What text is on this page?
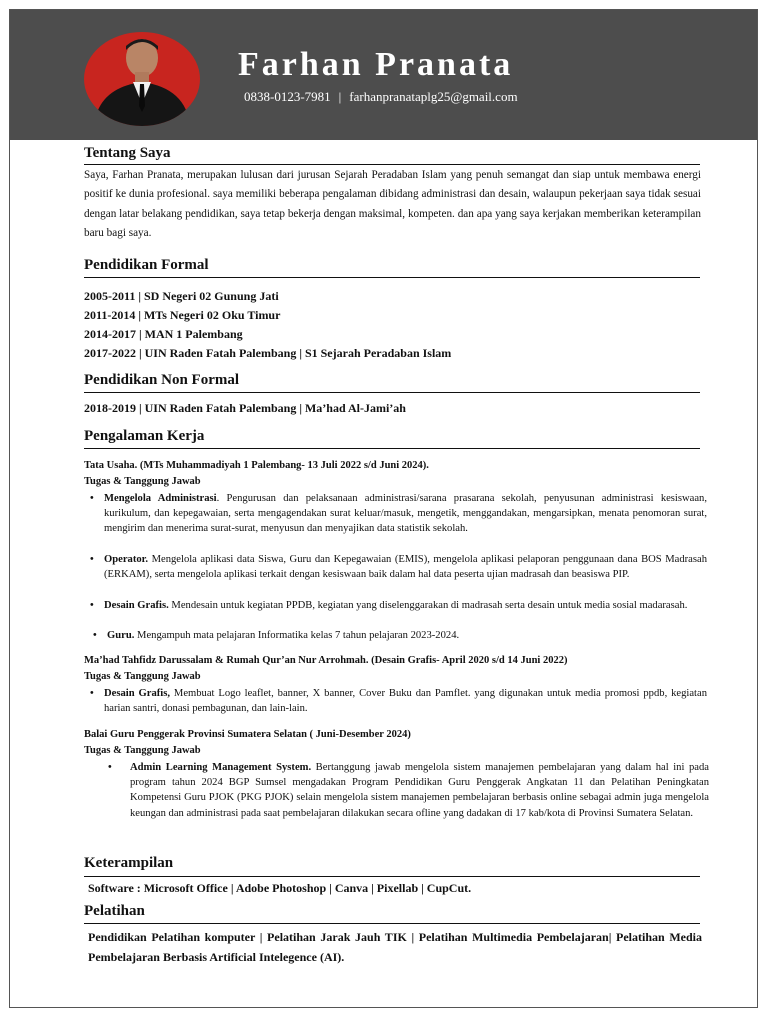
Farhan Pranata
0838-0123-7981 | farhanpranataplg25@gmail.com
Tentang Saya
Saya, Farhan Pranata, merupakan lulusan dari jurusan Sejarah Peradaban Islam yang penuh semangat dan siap untuk membawa energi positif ke dunia profesional. saya memiliki beberapa pengalaman dibidang administrasi dan desain, walaupun pekerjaan saya tidak sesuai dengan latar belakang pendidikan, saya tetap bekerja dengan maksimal, kompeten. dan apa yang saya kerjakan memberikan keterampilan baru bagi saya.
Pendidikan Formal
2005-2011 | SD Negeri 02 Gunung Jati
2011-2014 | MTs Negeri 02 Oku Timur
2014-2017 | MAN 1 Palembang
2017-2022 | UIN Raden Fatah Palembang | S1 Sejarah Peradaban Islam
Pendidikan Non Formal
2018-2019 | UIN Raden Fatah Palembang | Ma’had Al-Jami’ah
Pengalaman Kerja
Tata Usaha. (MTs Muhammadiyah 1 Palembang- 13 Juli 2022 s/d Juni 2024).
Tugas & Tanggung Jawab
• Mengelola Administrasi. Pengurusan dan pelaksanaan administrasi/sarana prasarana sekolah, penyusunan administrasi kesiswaan, kurikulum, dan kepegawaian, serta mengagendakan surat keluar/masuk, mengetik, menggandakan, mengarsipkan, menata penomoran surat, mengirim dan menerima surat-surat, menyusun dan menyajikan data statistik sekolah.
• Operator. Mengelola aplikasi data Siswa, Guru dan Kepegawaian (EMIS), mengelola aplikasi pelaporan penggunaan dana BOS Madrasah (ERKAM), serta mengelola aplikasi terkait dengan kesiswaan baik dalam hal data peserta ujian madrasah dan beasiswa PIP.
• Desain Grafis. Mendesain untuk kegiatan PPDB, kegiatan yang diselenggarakan di madrasah serta desain untuk media sosial madarasah.
• Guru. Mengampuh mata pelajaran Informatika kelas 7 tahun pelajaran 2023-2024.
Ma’had Tahfidz Darussalam & Rumah Qur’an Nur Arrohmah. (Desain Grafis- April 2020 s/d 14 Juni 2022)
Tugas & Tanggung Jawab
• Desain Grafis, Membuat Logo leaflet, banner, X banner, Cover Buku dan Pamflet. yang digunakan untuk media promosi ppdb, kegiatan harian santri, donasi pembagunan, dan lain-lain.
Balai Guru Penggerak Provinsi Sumatera Selatan ( Juni-Desember 2024)
Tugas & Tanggung Jawab
• Admin Learning Management System. Bertanggung jawab mengelola sistem manajemen pembelajaran yang dalam hal ini pada program tahun 2024 BGP Sumsel mengadakan Program Pendidikan Guru Penggerak Angkatan 11 dan Pelatihan Peningkatan Kompetensi Guru PJOK (PKG PJOK) selain mengelola sistem manajemen pembelajaran berbasis online sebagai admin juga mengelola keungan dan administrasi pada saat pembelajaran dilakukan secara ofline yang dadakan di 17 kab/kota di Provinsi Sumatera Selatan.
Keterampilan
Software : Microsoft Office | Adobe Photoshop | Canva | Pixellab | CupCut.
Pelatihan
Pendidikan Pelatihan komputer | Pelatihan Jarak Jauh TIK | Pelatihan Multimedia Pembelajaran| Pelatihan Media Pembelajaran Berbasis Artificial Intelegence (AI).
